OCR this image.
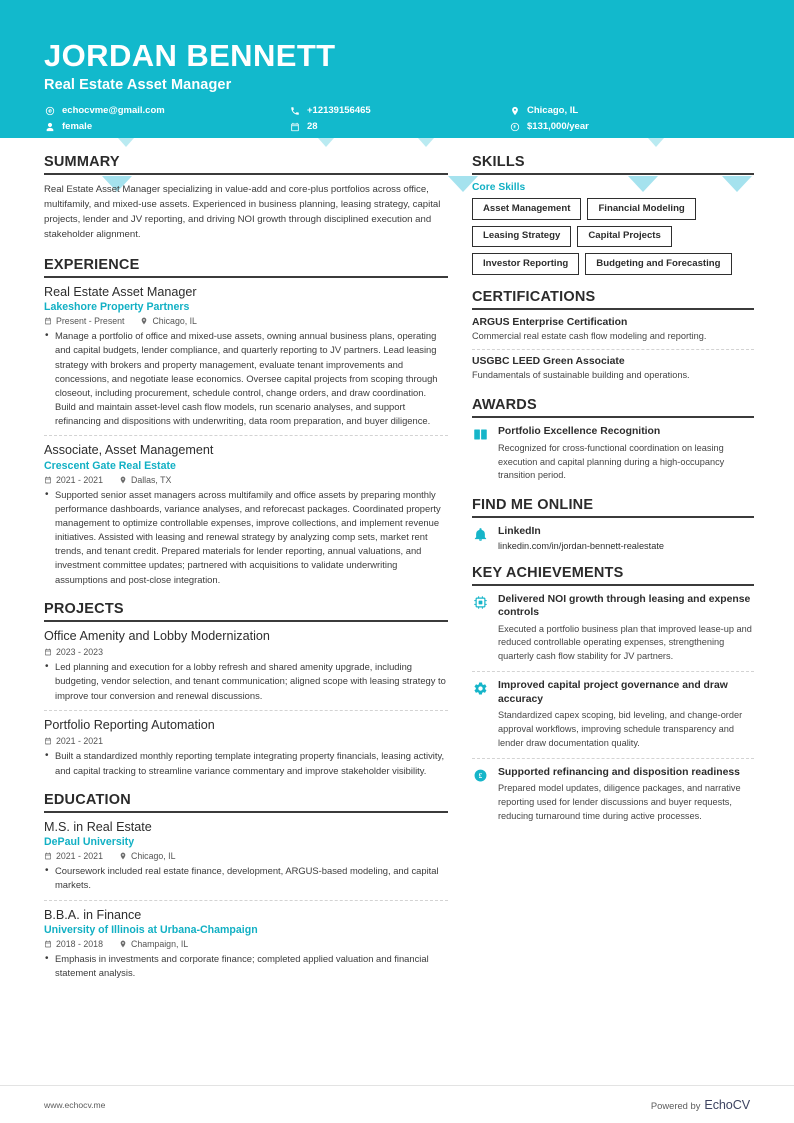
JORDAN BENNETT
Real Estate Asset Manager
echocvme@gmail.com	+12139156465	Chicago, IL
female	28	$131,000/year
SUMMARY
Real Estate Asset Manager specializing in value-add and core-plus portfolios across office, multifamily, and mixed-use assets. Experienced in business planning, leasing strategy, capital projects, lender and JV reporting, and driving NOI growth through disciplined execution and stakeholder alignment.
EXPERIENCE
Real Estate Asset Manager
Lakeshore Property Partners
Present - Present	Chicago, IL
• Manage a portfolio of office and mixed-use assets, owning annual business plans, operating and capital budgets, lender compliance, and quarterly reporting to JV partners. Lead leasing strategy with brokers and property management, evaluate tenant improvements and concessions, and negotiate lease economics. Oversee capital projects from scoping through closeout, including procurement, schedule control, change orders, and draw coordination. Build and maintain asset-level cash flow models, run scenario analyses, and support refinancing and dispositions with underwriting, data room preparation, and buyer diligence.
Associate, Asset Management
Crescent Gate Real Estate
2021 - 2021	Dallas, TX
• Supported senior asset managers across multifamily and office assets by preparing monthly performance dashboards, variance analyses, and reforecast packages. Coordinated property management to optimize controllable expenses, improve collections, and implement revenue initiatives. Assisted with leasing and renewal strategy by analyzing comp sets, market rent trends, and tenant credit. Prepared materials for lender reporting, annual valuations, and investment committee updates; partnered with acquisitions to validate underwriting assumptions and post-close integration.
PROJECTS
Office Amenity and Lobby Modernization
2023 - 2023
• Led planning and execution for a lobby refresh and shared amenity upgrade, including budgeting, vendor selection, and tenant communication; aligned scope with leasing strategy to improve tour conversion and renewal discussions.
Portfolio Reporting Automation
2021 - 2021
• Built a standardized monthly reporting template integrating property financials, leasing activity, and capital tracking to streamline variance commentary and improve stakeholder visibility.
EDUCATION
M.S. in Real Estate
DePaul University
2021 - 2021	Chicago, IL
• Coursework included real estate finance, development, ARGUS-based modeling, and capital markets.
B.B.A. in Finance
University of Illinois at Urbana-Champaign
2018 - 2018	Champaign, IL
• Emphasis in investments and corporate finance; completed applied valuation and financial statement analysis.
SKILLS
Core Skills
Asset Management	Financial Modeling
Leasing Strategy	Capital Projects
Investor Reporting	Budgeting and Forecasting
CERTIFICATIONS
ARGUS Enterprise Certification
Commercial real estate cash flow modeling and reporting.
USGBC LEED Green Associate
Fundamentals of sustainable building and operations.
AWARDS
Portfolio Excellence Recognition
Recognized for cross-functional coordination on leasing execution and capital planning during a high-occupancy transition period.
FIND ME ONLINE
LinkedIn
linkedin.com/in/jordan-bennett-realestate
KEY ACHIEVEMENTS
Delivered NOI growth through leasing and expense controls
Executed a portfolio business plan that improved lease-up and reduced controllable operating expenses, strengthening quarterly cash flow stability for JV partners.
Improved capital project governance and draw accuracy
Standardized capex scoping, bid leveling, and change-order approval workflows, improving schedule transparency and lender draw documentation quality.
£ Supported refinancing and disposition readiness
Prepared model updates, diligence packages, and narrative reporting used for lender discussions and buyer requests, reducing turnaround time during active processes.
www.echocv.me	Powered by EchoCV
